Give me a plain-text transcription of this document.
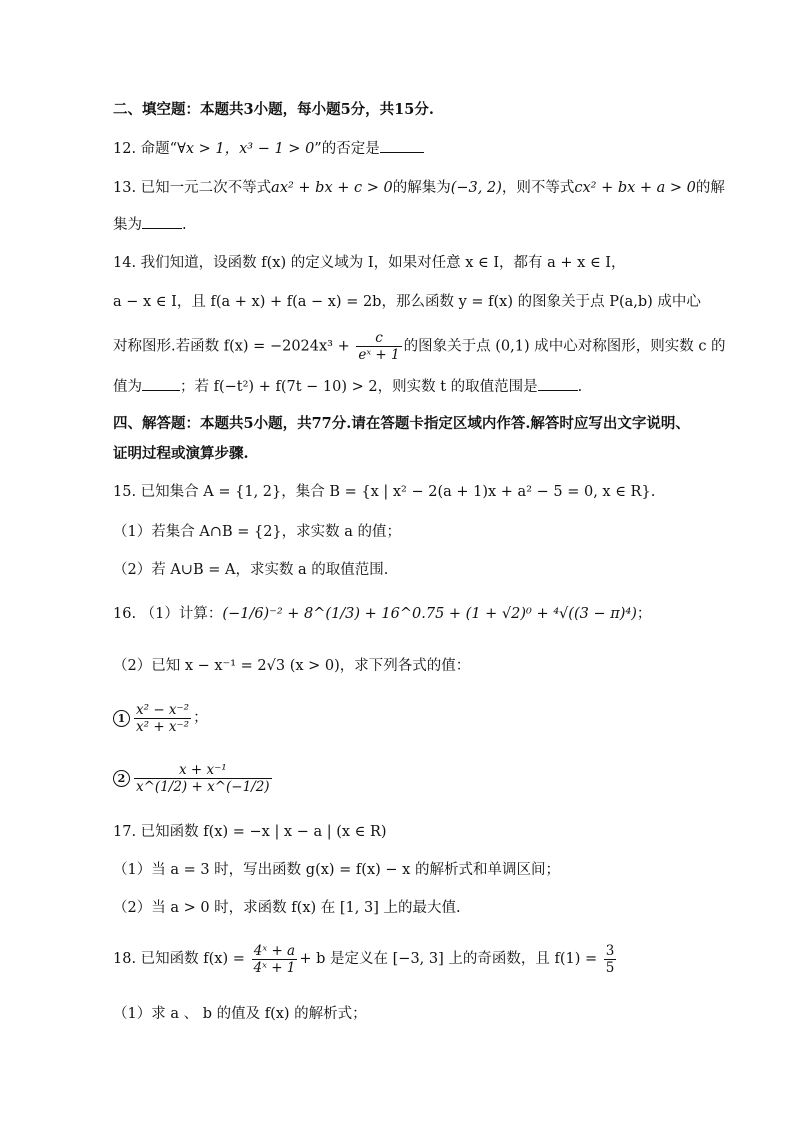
二、填空题：本题共3小题，每小题5分，共15分.
12. 命题“∀x > 1，x³ − 1 > 0”的否定是
13. 已知一元二次不等式ax² + bx + c > 0的解集为(−3, 2)，则不等式cx² + bx + a > 0的解
集为	.
14. 我们知道，设函数 f(x) 的定义域为 I，如果对任意 x ∈ I，都有 a + x ∈ I，
a − x ∈ I，且 f(a + x) + f(a − x) = 2b，那么函数 y = f(x) 的图象关于点 P(a,b) 成中心
对称图形.若函数 $f(x) = -2024x^3 + \frac{c}{\text{eˣ + 1}}$ 的图象关于点 (0,1) 成中心对称图形，则实数 c 的
值为	；若 f(−t²) + f(7t − 10) > 2，则实数 t 的取值范围是	.
四、解答题：本题共5小题，共77分.请在答题卡指定区域内作答.解答时应写出文字说明、
证明过程或演算步骤.
15. 已知集合 A = {1, 2}，集合 B = {x | x² − 2(a + 1)x + a² − 5 = 0, x ∈ R}.
（1）若集合 A∩B = {2}，求实数 a 的值；
（2）若 A∪B = A，求实数 a 的取值范围.
16. （1）计算：(−1/6)⁻² + 8^(1/3) + 16^0.75 + (1 + √2)⁰ + ⁴√((3 − π)⁴)；
（2）已知 x − x⁻¹ = 2√3 (x > 0)，求下列各式的值：
$1 \frac{\text{x² − x⁻²}}{\text{x² + x⁻²}}$ ；
$2 \frac{\text{x + x⁻¹}}{x\^{}(1/2) + x\^{}(-1/2)}$
17. 已知函数 f(x) = −x | x − a | (x ∈ R)
（1）当 a = 3 时，写出函数 g(x) = f(x) − x 的解析式和单调区间；
（2）当 a > 0 时，求函数 f(x) 在 [1, 3] 上的最大值.
18. 已知函数 $f(x) = \frac{\text{4ˣ + a}}{\text{4ˣ + 1}} + b$ 是定义在 [−3, 3] 上的奇函数，且 $f(1) = \frac{3}{5}$
（1）求 a 、 b 的值及 f(x) 的解析式；
